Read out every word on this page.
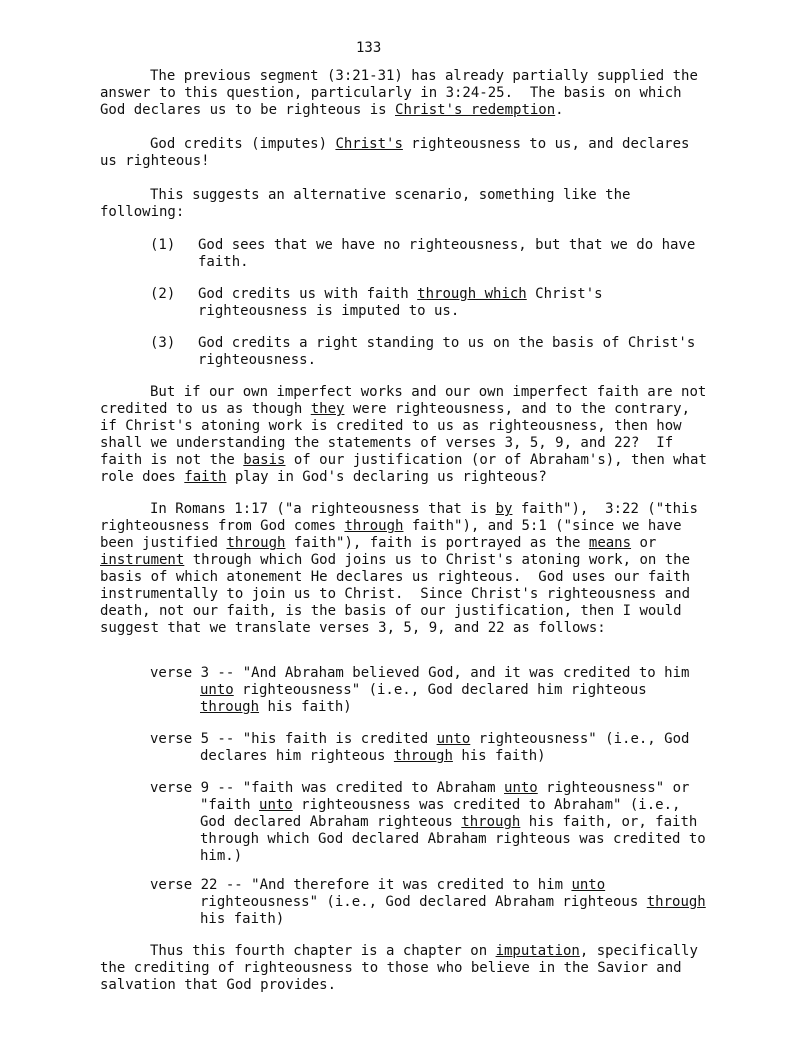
133
The previous segment (3:21-31) has already partially supplied the
answer to this question, particularly in 3:24-25.  The basis on which
God declares us to be righteous is Christ's redemption.
God credits (imputes) Christ's righteousness to us, and declares
us righteous!
This suggests an alternative scenario, something like the
following:
(1) God sees that we have no righteousness, but that we do have
faith.
(2) God credits us with faith through which Christ's
righteousness is imputed to us.
(3) God credits a right standing to us on the basis of Christ's
righteousness.
But if our own imperfect works and our own imperfect faith are not
credited to us as though they were righteousness, and to the contrary,
if Christ's atoning work is credited to us as righteousness, then how
shall we understanding the statements of verses 3, 5, 9, and 22?  If
faith is not the basis of our justification (or of Abraham's), then what
role does faith play in God's declaring us righteous?
In Romans 1:17 ("a righteousness that is by faith"),  3:22 ("this
righteousness from God comes through faith"), and 5:1 ("since we have
been justified through faith"), faith is portrayed as the means or
instrument through which God joins us to Christ's atoning work, on the
basis of which atonement He declares us righteous.  God uses our faith
instrumentally to join us to Christ.  Since Christ's righteousness and
death, not our faith, is the basis of our justification, then I would
suggest that we translate verses 3, 5, 9, and 22 as follows:
verse 3 -- "And Abraham believed God, and it was credited to him
unto righteousness" (i.e., God declared him righteous
through his faith)
verse 5 -- "his faith is credited unto righteousness" (i.e., God
declares him righteous through his faith)
verse 9 -- "faith was credited to Abraham unto righteousness" or
"faith unto righteousness was credited to Abraham" (i.e.,
God declared Abraham righteous through his faith, or, faith
through which God declared Abraham righteous was credited to
him.)
verse 22 -- "And therefore it was credited to him unto
righteousness" (i.e., God declared Abraham righteous through
his faith)
Thus this fourth chapter is a chapter on imputation, specifically
the crediting of righteousness to those who believe in the Savior and
salvation that God provides.
